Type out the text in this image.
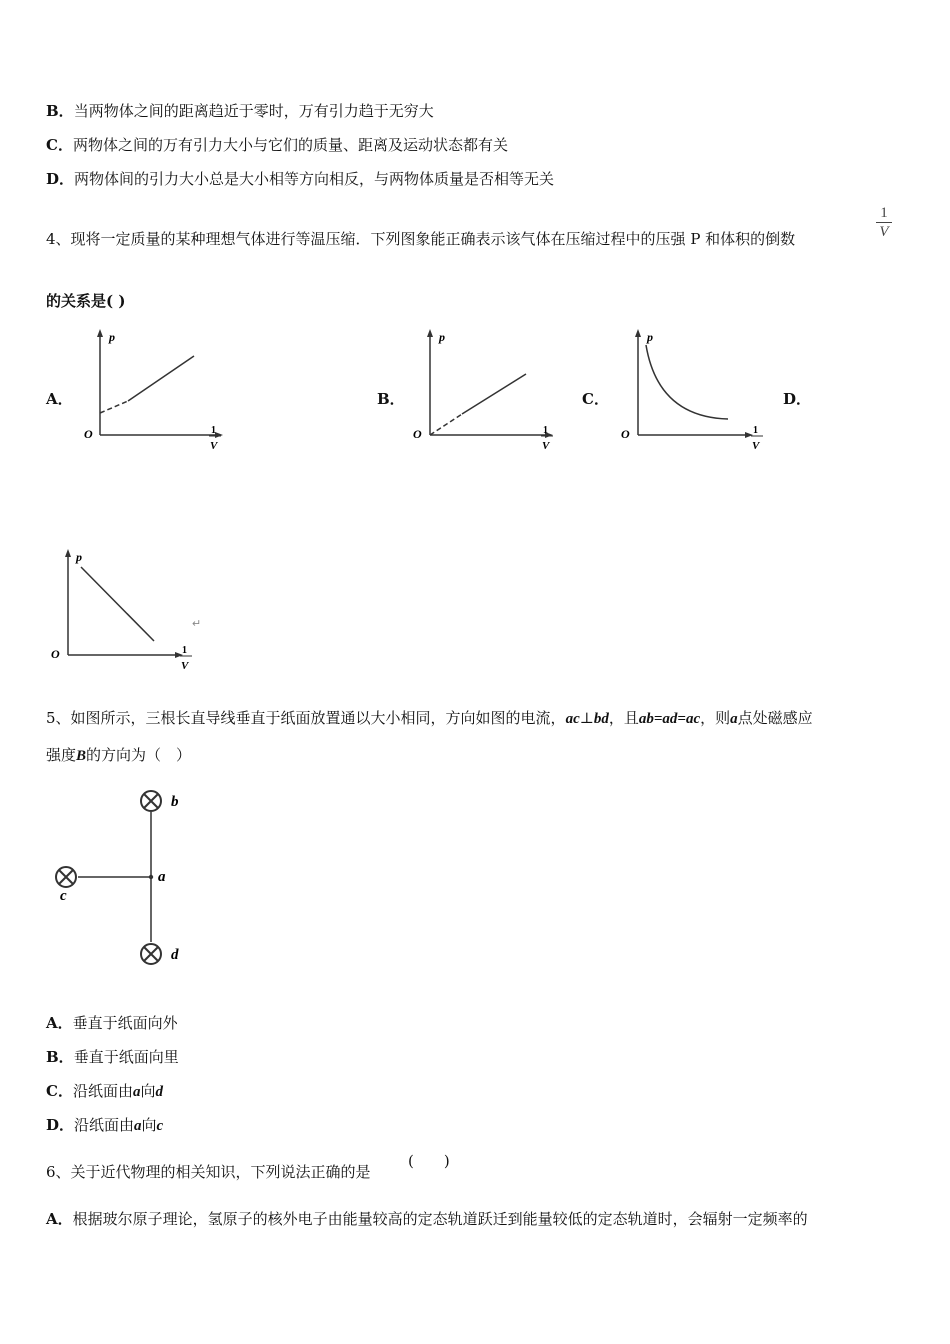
B．当两物体之间的距离趋近于零时，万有引力趋于无穷大
C．两物体之间的万有引力大小与它们的质量、距离及运动状态都有关
D．两物体间的引力大小总是大小相等方向相反，与两物体质量是否相等无关
4、现将一定质量的某种理想气体进行等温压缩．下列图象能正确表示该气体在压缩过程中的压强 P 和体积的倒数	$\frac{1}{V}$
的关系是( )
A．	B．	C．	D．
p
O	1
V
p
O	1
V
p
O	1
V
p
O	1
V
↵
5、如图所示，三根长直导线垂直于纸面放置通以大小相同，方向如图的电流，ac⊥bd，且ab=ad=ac，则a点处磁感应
强度B的方向为（　）
b
a
c
d
A．垂直于纸面向外
B．垂直于纸面向里
C．沿纸面由a向d
D．沿纸面由a向c
6、关于近代物理的相关知识，下列说法正确的是
(　　)
A．根据玻尔原子理论，氢原子的核外电子由能量较高的定态轨道跃迁到能量较低的定态轨道时，会辐射一定频率的
